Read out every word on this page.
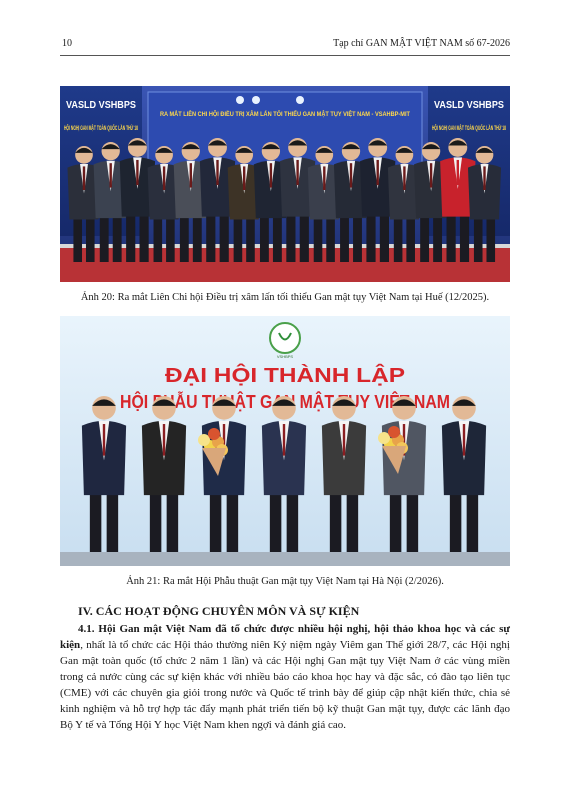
10	Tạp chí GAN MẬT VIỆT NAM số 67-2026
RA MẮT LIÊN CHI HỘI ĐIỀU TRỊ XÂM LẤN TỐI THIỂU GAN MẬT TỤY VIỆT NAM - VSAHBP-MIT
VASLD VSHBPS
HỘI NGHỊ GAN MẬT TOÀN QUỐC LẦN THỨ 18
VASLD VSHBPS
HỘI NGHỊ GAN MẬT TOÀN QUỐC LẦN THỨ 18
Ảnh 20: Ra mắt Liên Chi hội Điều trị xâm lấn tối thiểu Gan mật tụy Việt Nam tại Huế (12/2025).
VSHBPS
ĐẠI HỘI THÀNH LẬP
HỘI PHẪU THUẬT GAN MẬT TỤY VIỆT NAM
Ảnh 21: Ra mắt Hội Phẫu thuật Gan mật tụy Việt Nam tại Hà Nội (2/2026).
IV. CÁC HOẠT ĐỘNG CHUYÊN MÔN VÀ SỰ KIỆN
4.1. Hội Gan mật Việt Nam đã tổ chức được nhiều hội nghị, hội thảo khoa học và các sự kiện, nhất là tổ chức các Hội thảo thường niên Kỷ niệm ngày Viêm gan Thế giới 28/7, các Hội nghị Gan mật toàn quốc (tổ chức 2 năm 1 lần) và các Hội nghị Gan mật tụy Việt Nam ở các vùng miền trong cả nước cùng các sự kiện khác với nhiều báo cáo khoa học hay và đặc sắc, có đào tạo liên tục (CME) với các chuyên gia giỏi trong nước và Quốc tế trình bày để giúp cập nhật kiến thức, chia sẻ kinh nghiệm và hỗ trợ hợp tác đẩy mạnh phát triển tiến bộ kỹ thuật Gan mật tụy, được các lãnh đạo Bộ Y tế và Tổng Hội Y học Việt Nam khen ngợi và đánh giá cao.
